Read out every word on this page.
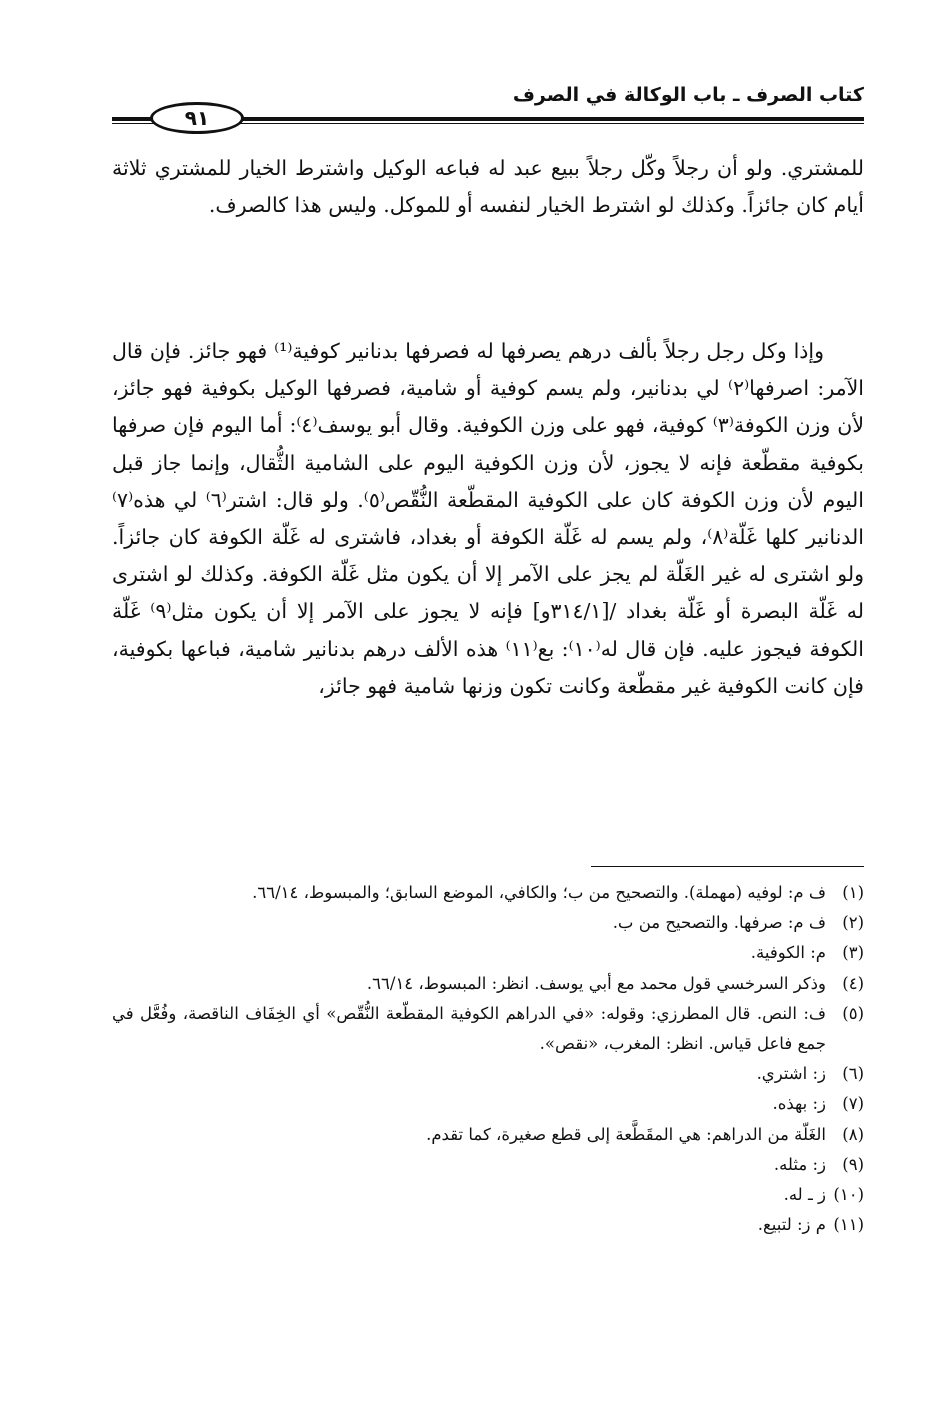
كتاب الصرف ـ باب الوكالة في الصرف
٩١

للمشتري. ولو أن رجلاً وكّل رجلاً ببيع عبد له فباعه الوكيل واشترط الخيار للمشتري ثلاثة أيام كان جائزاً. وكذلك لو اشترط الخيار لنفسه أو للموكل. وليس هذا كالصرف.

وإذا وكل رجل رجلاً بألف درهم يصرفها له فصرفها بدنانير كوفية⁽¹⁾ فهو جائز. فإن قال الآمر: اصرفها⁽٢⁾ لي بدنانير، ولم يسم كوفية أو شامية، فصرفها الوكيل بكوفية فهو جائز، لأن وزن الكوفة⁽٣⁾ كوفية، فهو على وزن الكوفية. وقال أبو يوسف⁽٤⁾: أما اليوم فإن صرفها بكوفية مقطّعة فإنه لا يجوز، لأن وزن الكوفية اليوم على الشامية الثُّقال، وإنما جاز قبل اليوم لأن وزن الكوفة كان على الكوفية المقطّعة النُّقّص⁽٥⁾. ولو قال: اشتر⁽٦⁾ لي هذه⁽٧⁾ الدنانير كلها غَلّة⁽٨⁾، ولم يسم له غَلّة الكوفة أو بغداد، فاشترى له غَلّة الكوفة كان جائزاً. ولو اشترى له غير الغَلّة لم يجز على الآمر إلا أن يكون مثل غَلّة الكوفة. وكذلك لو اشترى له غَلّة البصرة أو غَلّة بغداد /[٣١٤/١و] فإنه لا يجوز على الآمر إلا أن يكون مثل⁽٩⁾ غَلّة الكوفة فيجوز عليه. فإن قال له⁽١٠⁾: بع⁽١١⁾ هذه الألف درهم بدنانير شامية، فباعها بكوفية، فإن كانت الكوفية غير مقطّعة وكانت تكون وزنها شامية فهو جائز،

(١)
ف م: لوفيه (مهملة). والتصحيح من ب؛ والكافي، الموضع السابق؛ والمبسوط، ٦٦/١٤.
(٢)
ف م: صرفها. والتصحيح من ب.
(٣)
م: الكوفية.
(٤)
وذكر السرخسي قول محمد مع أبي يوسف. انظر: المبسوط، ٦٦/١٤.
(٥)
ف: النص. قال المطرزي: وقوله: «في الدراهم الكوفية المقطّعة النُّقّص» أي الخِفَاف الناقصة، وفُعَّل في جمع فاعل قياس. انظر: المغرب، «نقص».
(٦)
ز: اشتري.
(٧)
ز: بهذه.
(٨)
الغَلّة من الدراهم: هي المقَطَّعة إلى قطع صغيرة، كما تقدم.
(٩)
ز: مثله.
(١٠)
ز ـ له.
(١١)
م ز: لتبيع.
